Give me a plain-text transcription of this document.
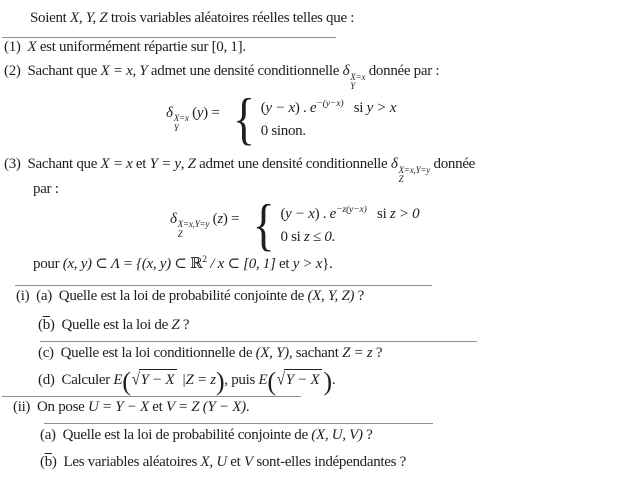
Soient X, Y, Z trois variables aléatoires réelles telles que :
(1)  X est uniformément répartie sur [0, 1].
(2)  Sachant que X = x, Y admet une densité conditionnelle δ X=x
Y
donnée par :
δ X=x
Y
(y) = { (y − x) . $e^{-(y-x)}$   si y > x
0 sinon.
(3)  Sachant que X = x et Y = y, Z admet une densité conditionnelle δ X=x,Y=y
Z
donnée
par :
δ X=x,Y=y
Z
(z) = { (y − x) . $e^{-z(y-x)}$   si z > 0
0 si z ≤ 0.
pour (x, y) ⊂ Λ = {(x, y) ⊂ ℝ$^2$ / x ⊂ [0, 1] et y > x}.
(i)  (a)  Quelle est la loi de probabilité conjointe de (X, Y, Z) ?
$(\overline{b})$  Quelle est la loi de Z ?
(c)  Quelle est la loi conditionnelle de (X, Y), sachant Z = z ?
(d)  Calculer E( √ Y − X |Z = z), puis E( √ Y − X ).
(ii)  On pose U = Y − X et V = Z (Y − X).
(a)  Quelle est la loi de probabilité conjointe de (X, U, V) ?
$(\overline{b})$  Les variables aléatoires X, U et V sont-elles indépendantes ?
